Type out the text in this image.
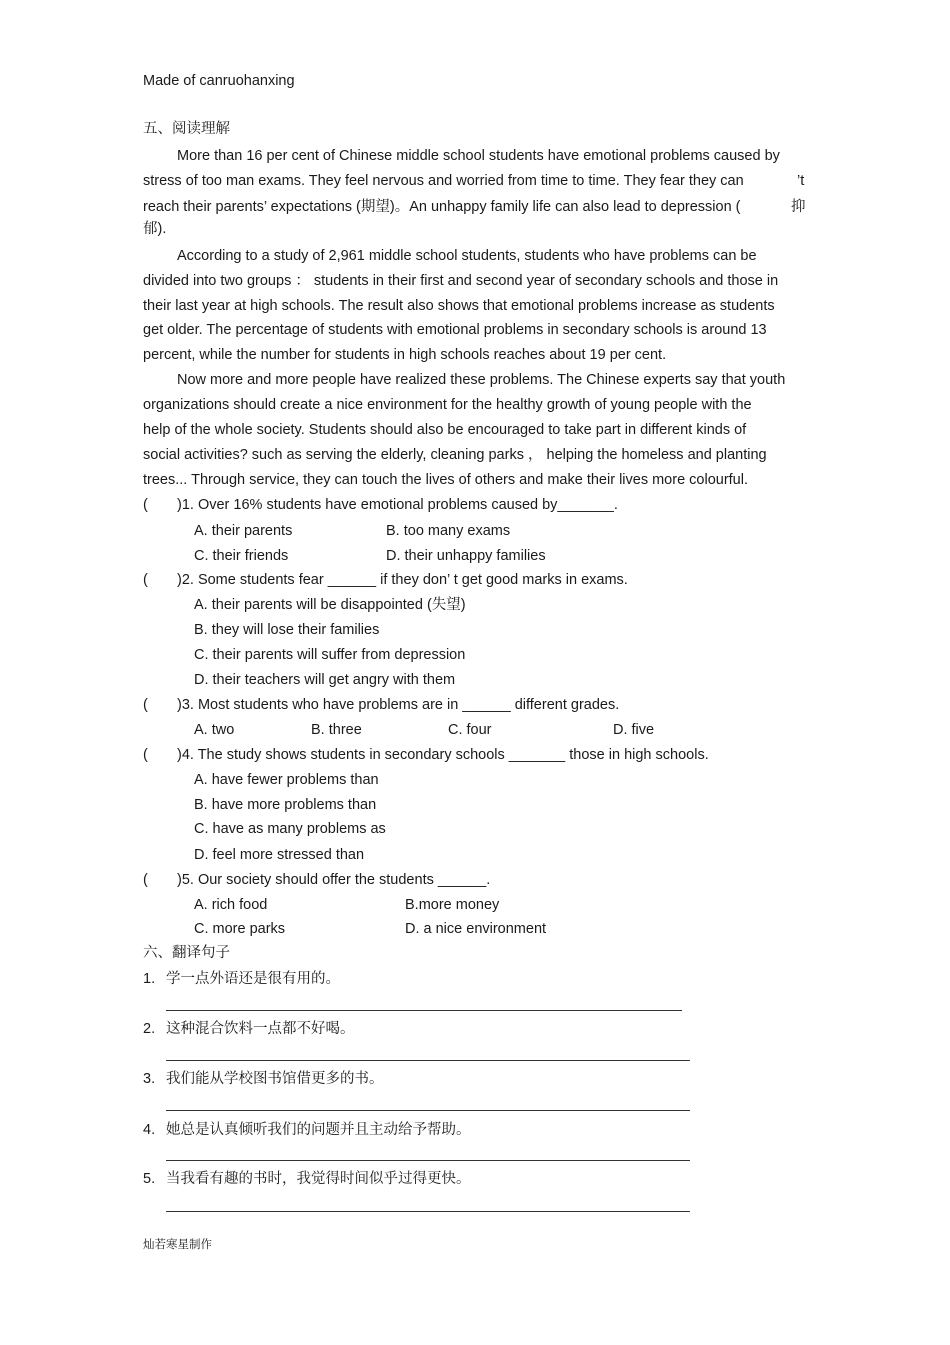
Made of canruohanxing
五、阅读理解
More than 16 per cent of Chinese middle school students have emotional problems caused by
stress of too man exams. They feel nervous and worried from time to time. They fear they can	’t
reach their parents’ expectations (期望)。An unhappy family life can also lead to depression (	抑
郁).
According to a study of 2,961 middle school students, students who have problems can be
divided into two groups ： students in their first and second year of secondary schools and those in
their last year at high schools. The result also shows that emotional problems increase as students
get older. The percentage of students with emotional problems in secondary schools is around 13
percent, while the number for students in high schools reaches about 19 per cent.
Now more and more people have realized these problems. The Chinese experts say that youth
organizations should create a nice environment for the healthy growth of young people with the
help of the whole society. Students should also be encouraged to take part in different kinds of
social activities? such as serving the elderly, cleaning parks ， helping the homeless and planting
trees... Through service, they can touch the lives of others and make their lives more colourful.
( )1. Over 16% students have emotional problems caused by_______.
A. their parents	B. too many exams
C. their friends	D. their unhappy families
( )2. Some students fear ______ if they don’ t get good marks in exams.
A. their parents will be disappointed (失望)
B. they will lose their families
C. their parents will suffer from depression
D. their teachers will get angry with them
( )3. Most students who have problems are in ______ different grades.
A. two	B. three	C. four	D. five
( )4. The study shows students in secondary schools _______ those in high schools.
A. have fewer problems than
B. have more problems than
C. have as many problems as
D. feel more stressed than
( )5. Our society should offer the students ______.
A. rich food	B.more money
C. more parks	D. a nice environment
六、翻译句子
1. 学一点外语还是很有用的。
2. 这种混合饮料一点都不好喝。
3. 我们能从学校图书馆借更多的书。
4. 她总是认真倾听我们的问题并且主动给予帮助。
5. 当我看有趣的书时，我觉得时间似乎过得更快。
灿若寒星制作
